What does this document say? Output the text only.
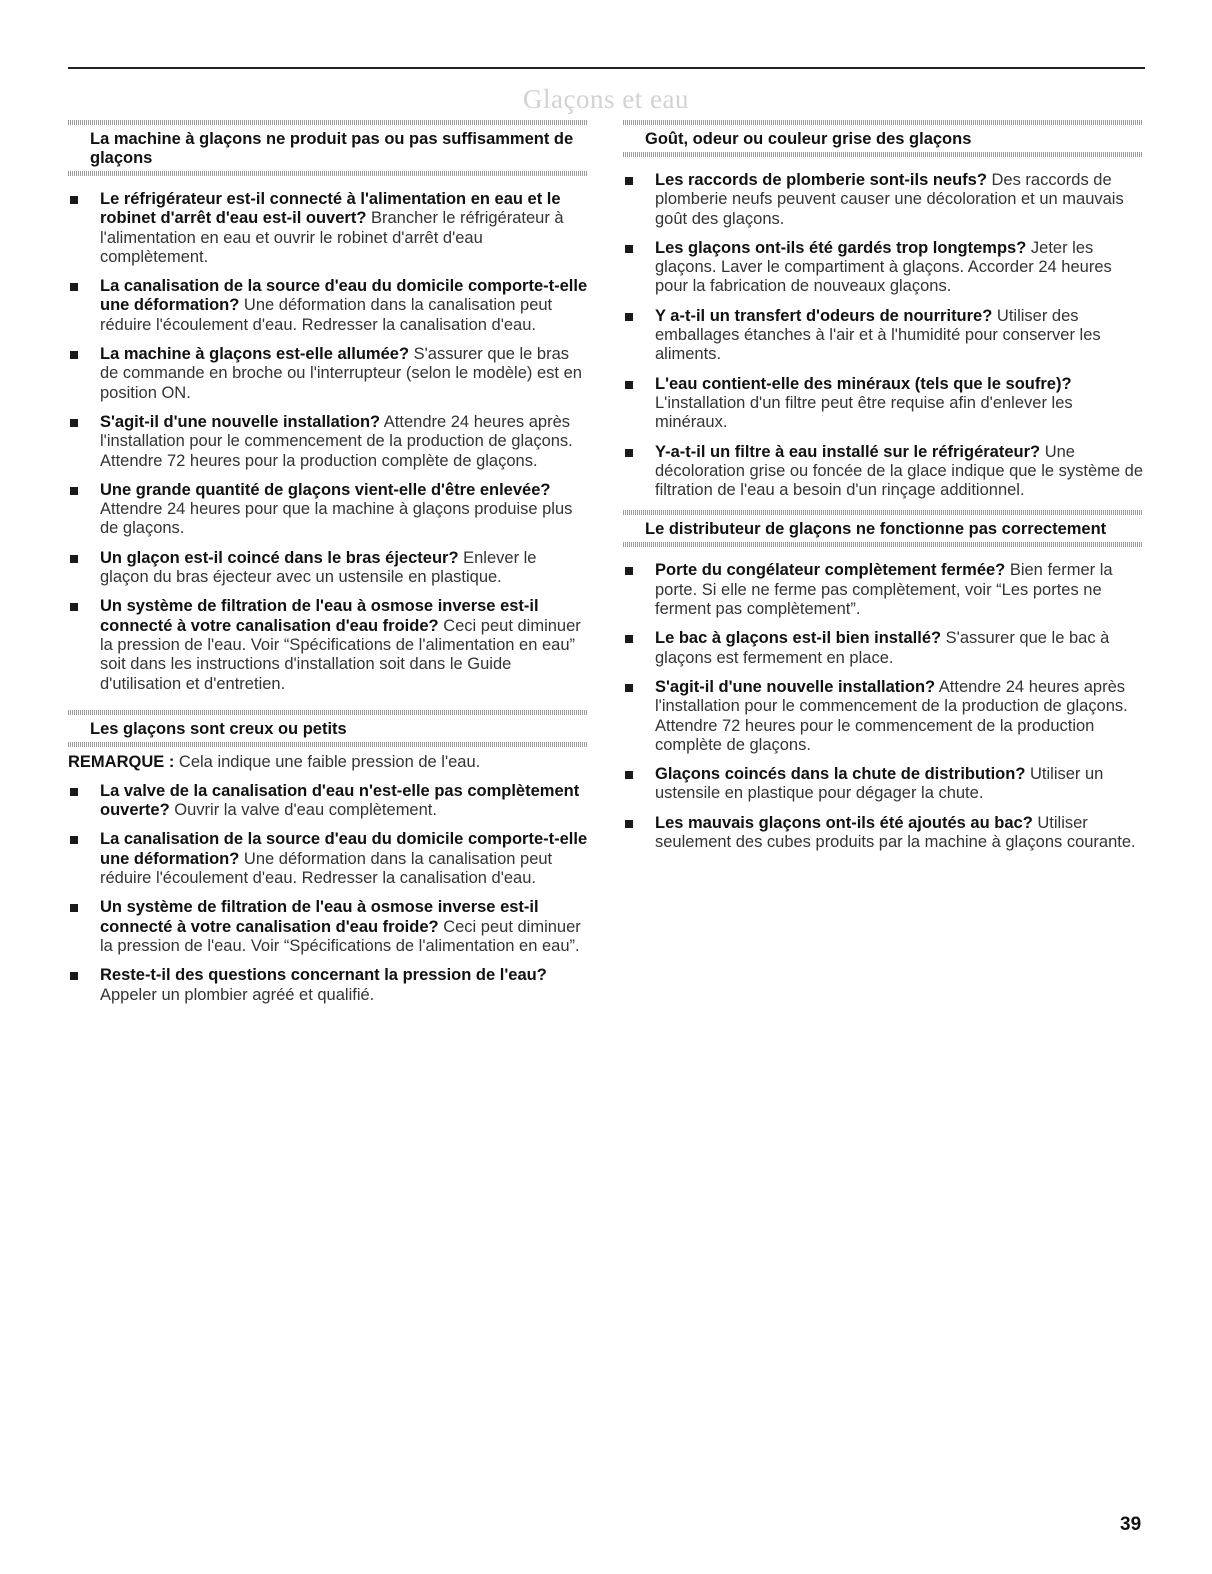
Glaçons et eau
La machine à glaçons ne produit pas ou pas suffisamment de glaçons
Le réfrigérateur est-il connecté à l'alimentation en eau et le robinet d'arrêt d'eau est-il ouvert? Brancher le réfrigérateur à l'alimentation en eau et ouvrir le robinet d'arrêt d'eau complètement.
La canalisation de la source d'eau du domicile comporte-t-elle une déformation? Une déformation dans la canalisation peut réduire l'écoulement d'eau. Redresser la canalisation d'eau.
La machine à glaçons est-elle allumée? S'assurer que le bras de commande en broche ou l'interrupteur (selon le modèle) est en position ON.
S'agit-il d'une nouvelle installation? Attendre 24 heures après l'installation pour le commencement de la production de glaçons. Attendre 72 heures pour la production complète de glaçons.
Une grande quantité de glaçons vient-elle d'être enlevée? Attendre 24 heures pour que la machine à glaçons produise plus de glaçons.
Un glaçon est-il coincé dans le bras éjecteur? Enlever le glaçon du bras éjecteur avec un ustensile en plastique.
Un système de filtration de l'eau à osmose inverse est-il connecté à votre canalisation d'eau froide? Ceci peut diminuer la pression de l'eau. Voir “Spécifications de l'alimentation en eau” soit dans les instructions d'installation soit dans le Guide d'utilisation et d'entretien.
Les glaçons sont creux ou petits
REMARQUE : Cela indique une faible pression de l'eau.
La valve de la canalisation d'eau n'est-elle pas complètement ouverte? Ouvrir la valve d'eau complètement.
La canalisation de la source d'eau du domicile comporte-t-elle une déformation? Une déformation dans la canalisation peut réduire l'écoulement d'eau. Redresser la canalisation d'eau.
Un système de filtration de l'eau à osmose inverse est-il connecté à votre canalisation d'eau froide? Ceci peut diminuer la pression de l'eau. Voir “Spécifications de l'alimentation en eau”.
Reste-t-il des questions concernant la pression de l'eau? Appeler un plombier agréé et qualifié.
Goût, odeur ou couleur grise des glaçons
Les raccords de plomberie sont-ils neufs? Des raccords de plomberie neufs peuvent causer une décoloration et un mauvais goût des glaçons.
Les glaçons ont-ils été gardés trop longtemps? Jeter les glaçons. Laver le compartiment à glaçons. Accorder 24 heures pour la fabrication de nouveaux glaçons.
Y a-t-il un transfert d'odeurs de nourriture? Utiliser des emballages étanches à l'air et à l'humidité pour conserver les aliments.
L'eau contient-elle des minéraux (tels que le soufre)? L'installation d'un filtre peut être requise afin d'enlever les minéraux.
Y-a-t-il un filtre à eau installé sur le réfrigérateur? Une décoloration grise ou foncée de la glace indique que le système de filtration de l'eau a besoin d'un rinçage additionnel.
Le distributeur de glaçons ne fonctionne pas correctement
Porte du congélateur complètement fermée? Bien fermer la porte. Si elle ne ferme pas complètement, voir “Les portes ne ferment pas complètement”.
Le bac à glaçons est-il bien installé? S'assurer que le bac à glaçons est fermement en place.
S'agit-il d'une nouvelle installation? Attendre 24 heures après l'installation pour le commencement de la production de glaçons. Attendre 72 heures pour le commencement de la production complète de glaçons.
Glaçons coincés dans la chute de distribution? Utiliser un ustensile en plastique pour dégager la chute.
Les mauvais glaçons ont-ils été ajoutés au bac? Utiliser seulement des cubes produits par la machine à glaçons courante.
39
